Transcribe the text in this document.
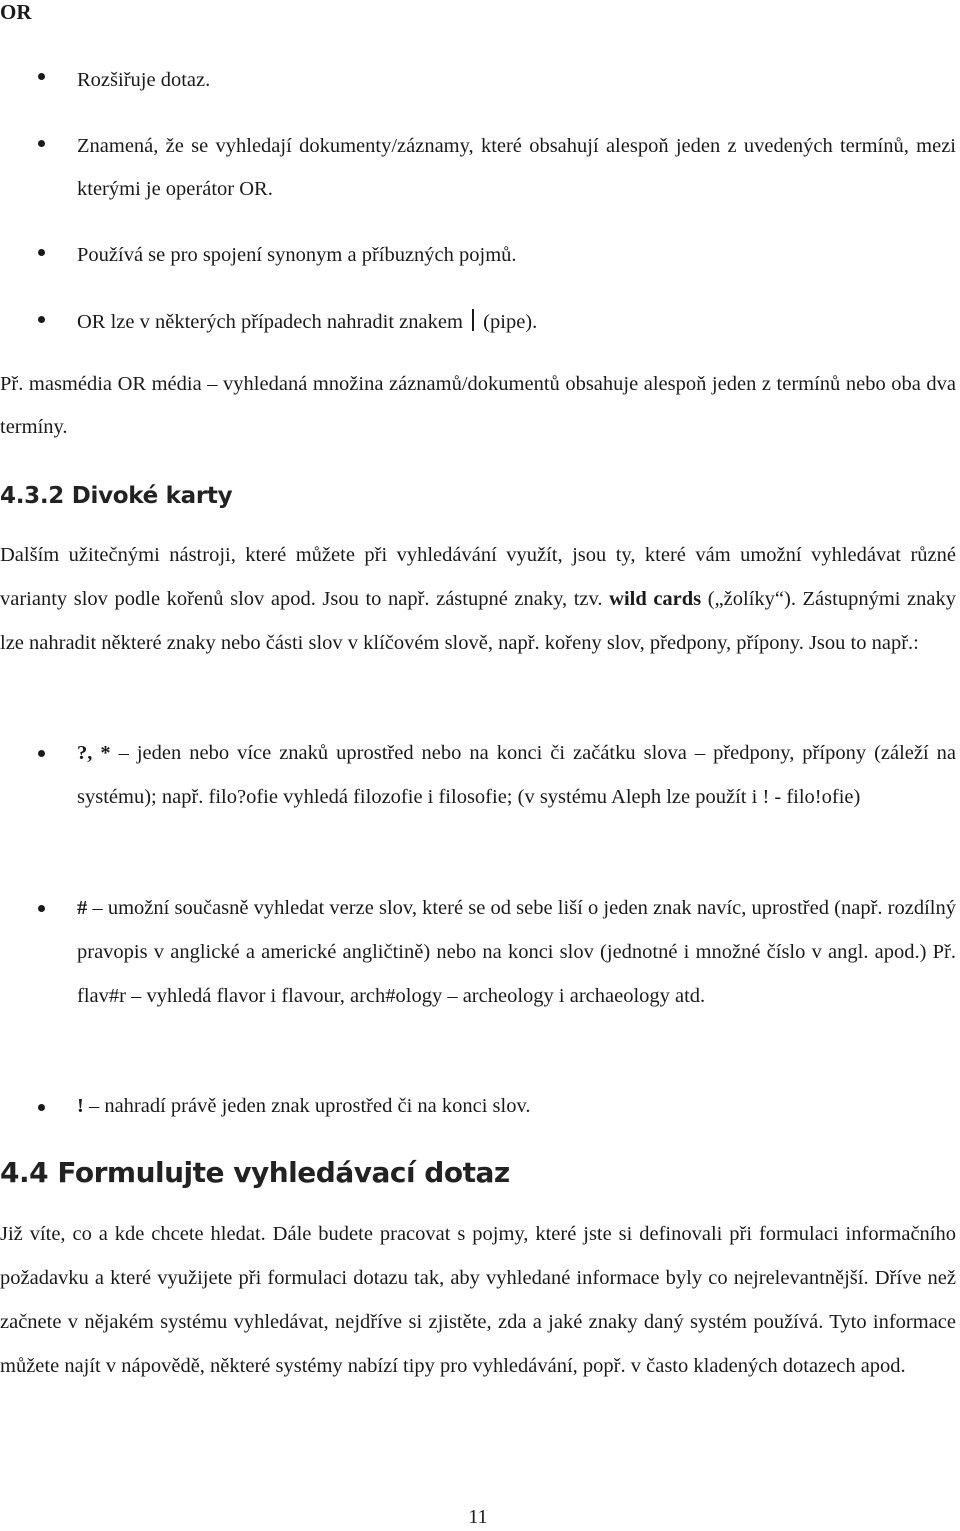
OR
Rozšiřuje dotaz.
Znamená, že se vyhledají dokumenty/záznamy, které obsahují alespoň jeden z uvedených termínů, mezi kterými je operátor OR.
Používá se pro spojení synonym a příbuzných pojmů.
OR lze v některých případech nahradit znakem (pipe).
Př. masmédia OR média – vyhledaná množina záznamů/dokumentů obsahuje alespoň jeden z termínů nebo oba dva termíny.
4.3.2 Divoké karty
Dalším užitečnými nástroji, které můžete při vyhledávání využít, jsou ty, které vám umožní vyhledávat různé varianty slov podle kořenů slov apod. Jsou to např. zástupné znaky, tzv. wild cards („žolíky“). Zástupnými znaky lze nahradit některé znaky nebo části slov v klíčovém slově, např. kořeny slov, předpony, přípony. Jsou to např.:
?, * – jeden nebo více znaků uprostřed nebo na konci či začátku slova – předpony, přípony (záleží na systému); např. filo?ofie vyhledá filozofie i filosofie; (v systému Aleph lze použít i ! - filo!ofie)
# – umožní současně vyhledat verze slov, které se od sebe liší o jeden znak navíc, uprostřed (např. rozdílný pravopis v anglické a americké angličtině) nebo na konci slov (jednotné i množné číslo v angl. apod.) Př. flav#r – vyhledá flavor i flavour, arch#ology – archeology i archaeology atd.
! – nahradí právě jeden znak uprostřed či na konci slov.
4.4 Formulujte vyhledávací dotaz
Již víte, co a kde chcete hledat. Dále budete pracovat s pojmy, které jste si definovali při formulaci informačního požadavku a které využijete při formulaci dotazu tak, aby vyhledané informace byly co nejrelevantnější. Dříve než začnete v nějakém systému vyhledávat, nejdříve si zjistěte, zda a jaké znaky daný systém používá. Tyto informace můžete najít v nápovědě, některé systémy nabízí tipy pro vyhledávání, popř. v často kladených dotazech apod.
11
